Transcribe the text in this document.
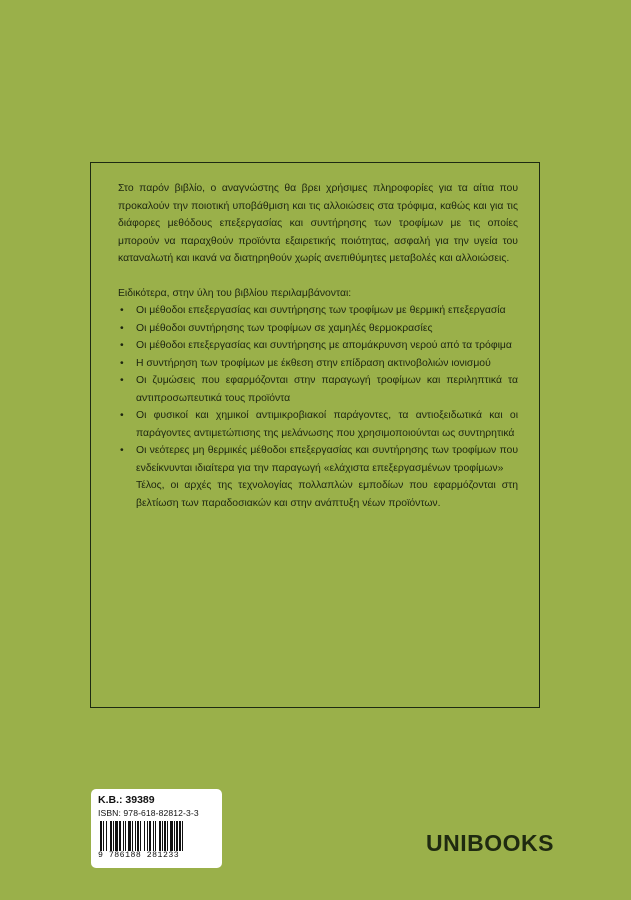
Στο παρόν βιβλίο, ο αναγνώστης θα βρει χρήσιμες πληροφορίες για τα αίτια που προκαλούν την ποιοτική υποβάθμιση και τις αλλοιώσεις στα τρόφιμα, καθώς και για τις διάφορες μεθόδους επεξεργασίας και συντήρησης των τροφίμων με τις οποίες μπορούν να παραχθούν προϊόντα εξαιρετικής ποιότητας, ασφαλή για την υγεία του καταναλωτή και ικανά να διατηρηθούν χωρίς ανεπιθύμητες μεταβολές και αλλοιώσεις.

Ειδικότερα, στην ύλη του βιβλίου περιλαμβάνονται:

• Οι μέθοδοι επεξεργασίας και συντήρησης των τροφίμων με θερμική επεξεργασία
• Οι μέθοδοι συντήρησης των τροφίμων σε χαμηλές θερμοκρασίες
• Οι μέθοδοι επεξεργασίας και συντήρησης με απομάκρυνση νερού από τα τρόφιμα
• Η συντήρηση των τροφίμων με έκθεση στην επίδραση ακτινοβολιών ιονισμού
• Οι ζυμώσεις που εφαρμόζονται στην παραγωγή τροφίμων και περιληπτικά τα αντιπροσωπευτικά τους προϊόντα
• Οι φυσικοί και χημικοί αντιμικροβιακοί παράγοντες, τα αντιοξειδωτικά και οι παράγοντες αντιμετώπισης της μελάνωσης που χρησιμοποιούνται ως συντηρητικά
• Οι νεότερες μη θερμικές μέθοδοι επεξεργασίας και συντήρησης των τροφίμων που ενδείκνυνται ιδιαίτερα για την παραγωγή «ελάχιστα επεξεργασμένων τροφίμων»

Τέλος, οι αρχές της τεχνολογίας πολλαπλών εμποδίων που εφαρμόζονται στη βελτίωση των παραδοσιακών και στην ανάπτυξη νέων προϊόντων.

Κ.Β.: 39389
ISBN: 978-618-82812-3-3
9 786188 281233	UNIBOOKS
